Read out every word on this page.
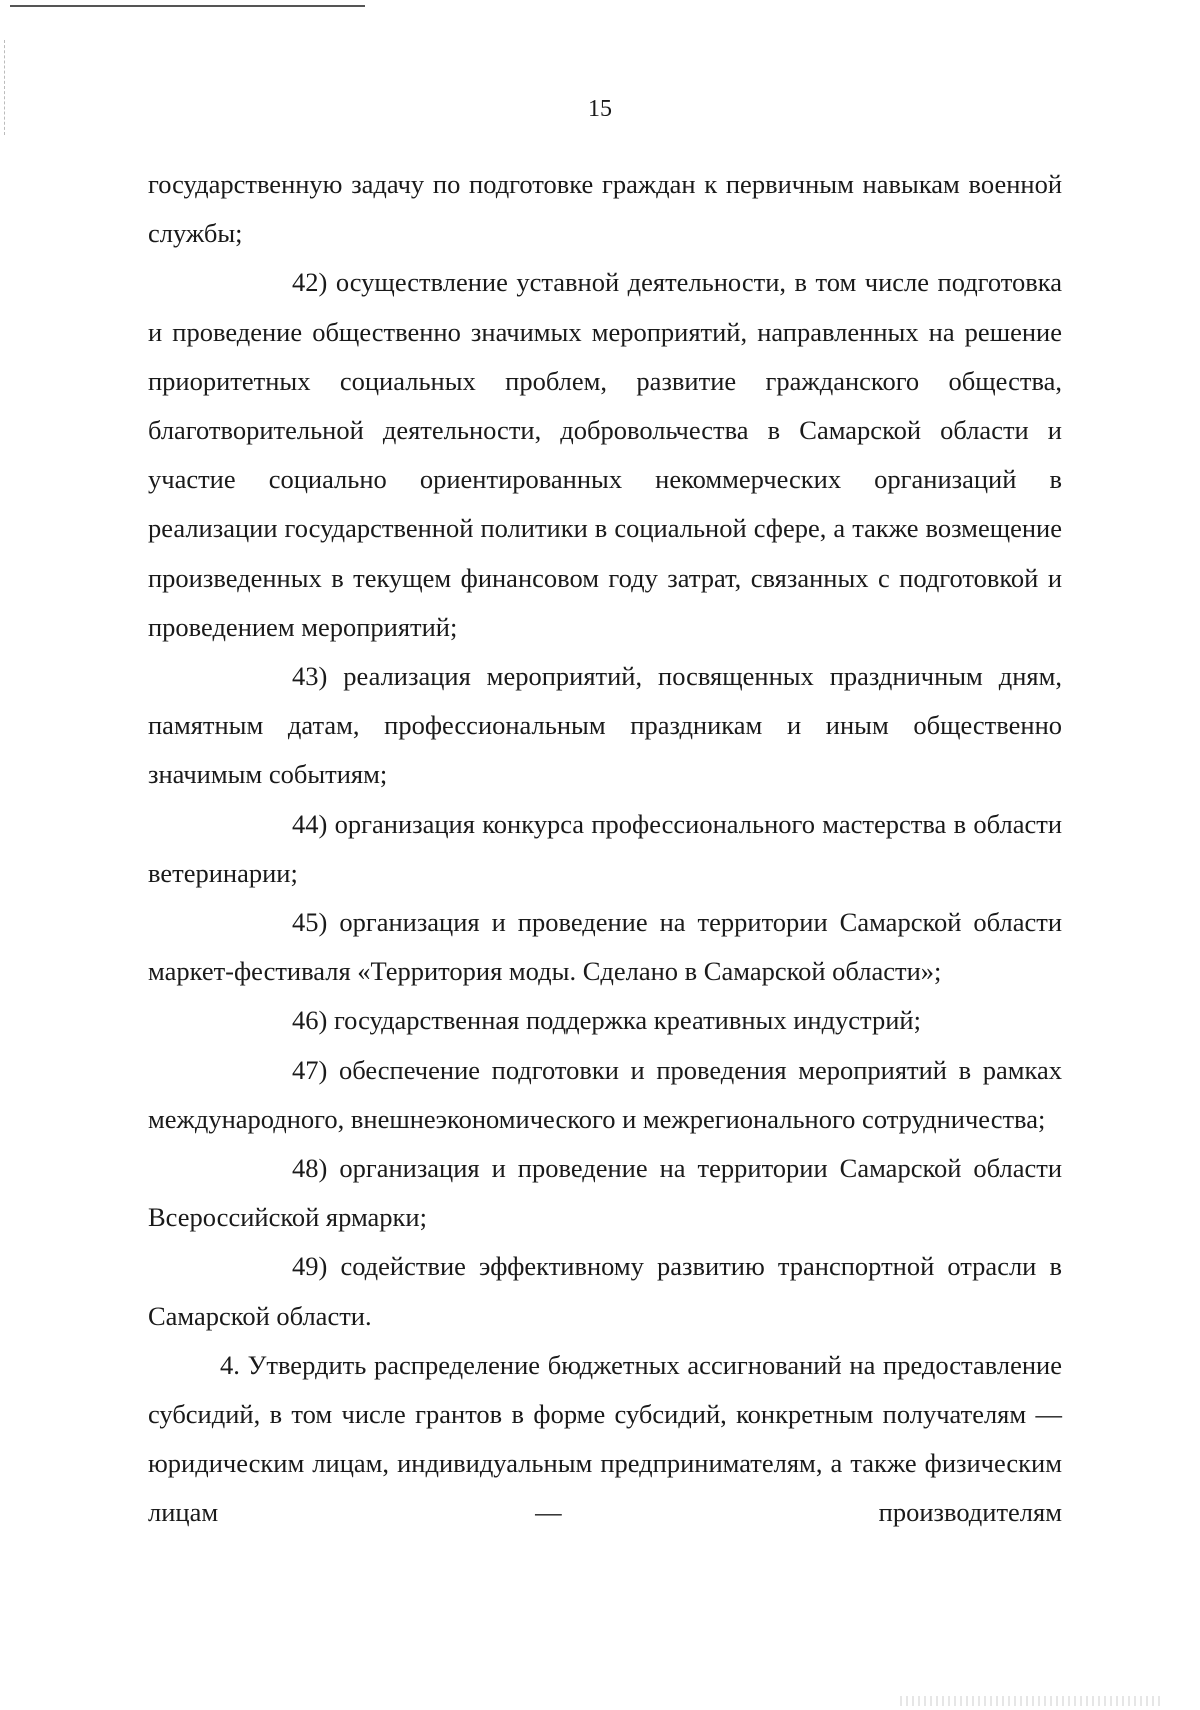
15

государственную задачу по подготовке граждан к первичным навыкам военной службы;

42) осуществление уставной деятельности, в том числе подготовка и проведение общественно значимых мероприятий, направленных на решение приоритетных социальных проблем, развитие гражданского общества, благотворительной деятельности, добровольчества в Самарской области и участие социально ориентированных некоммерческих организаций в реализации государственной политики в социальной сфере, а также возмещение произведенных в текущем финансовом году затрат, связанных с подготовкой и проведением мероприятий;

43) реализация мероприятий, посвященных праздничным дням, памятным датам, профессиональным праздникам и иным общественно значимым событиям;

44) организация конкурса профессионального мастерства в области ветеринарии;

45) организация и проведение на территории Самарской области маркет-фестиваля «Территория моды. Сделано в Самарской области»;

46) государственная поддержка креативных индустрий;

47) обеспечение подготовки и проведения мероприятий в рамках международного, внешнеэкономического и межрегионального сотрудничества;

48) организация и проведение на территории Самарской области Всероссийской ярмарки;

49) содействие эффективному развитию транспортной отрасли в Самарской области.

4. Утвердить распределение бюджетных ассигнований на предоставление субсидий, в том числе грантов в форме субсидий, конкретным получателям — юридическим лицам, индивидуальным предпринимателям, а также физическим лицам — производителям
